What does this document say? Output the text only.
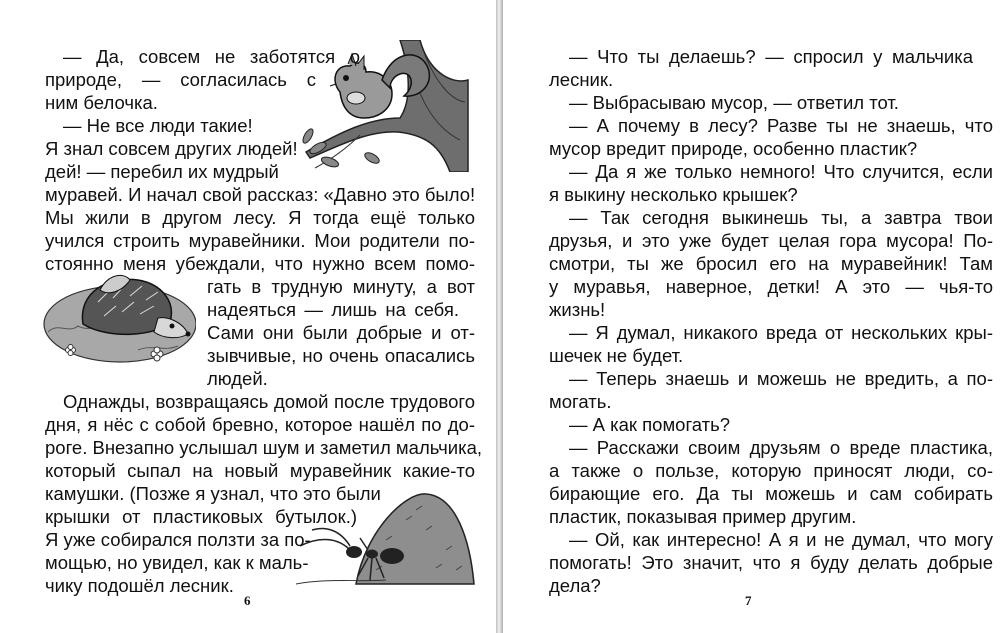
— Да, совсем не заботятся о
природе, — согласилась с
ним белочка.
— Не все люди такие!
Я знал совсем других людей!
дей! — перебил их мудрый
муравей. И начал свой рассказ: «Давно это было!
Мы жили в другом лесу. Я тогда ещё только
учился строить муравейники. Мои родители по-
стоянно меня убеждали, что нужно всем помо-
гать в трудную минуту, а вот
надеяться — лишь на себя.
Сами они были добрые и от-
зывчивые, но очень опасались
людей.
Однажды, возвращаясь домой после трудового
дня, я нёс с собой бревно, которое нашёл по до-
роге. Внезапно услышал шум и заметил мальчика,
который сыпал на новый муравейник какие-то
камушки. (Позже я узнал, что это были
крышки от пластиковых бутылок.)
Я уже собирался ползти за по-
мощью, но увидел, как к маль-
чику подошёл лесник.
6
— Что ты делаешь? — спросил у мальчика
лесник.
— Выбрасываю мусор, — ответил тот.
— А почему в лесу? Разве ты не знаешь, что
мусор вредит природе, особенно пластик?
— Да я же только немного! Что случится, если
я выкину несколько крышек?
— Так сегодня выкинешь ты, а завтра твои
друзья, и это уже будет целая гора мусора! По-
смотри, ты же бросил его на муравейник! Там
у муравья, наверное, детки! А это — чья-то
жизнь!
— Я думал, никакого вреда от нескольких кры-
шечек не будет.
— Теперь знаешь и можешь не вредить, а по-
могать.
— А как помогать?
— Расскажи своим друзьям о вреде пластика,
а также о пользе, которую приносят люди, со-
бирающие его. Да ты можешь и сам собирать
пластик, показывая пример другим.
— Ой, как интересно! А я и не думал, что могу
помогать! Это значит, что я буду делать добрые
дела?
7
